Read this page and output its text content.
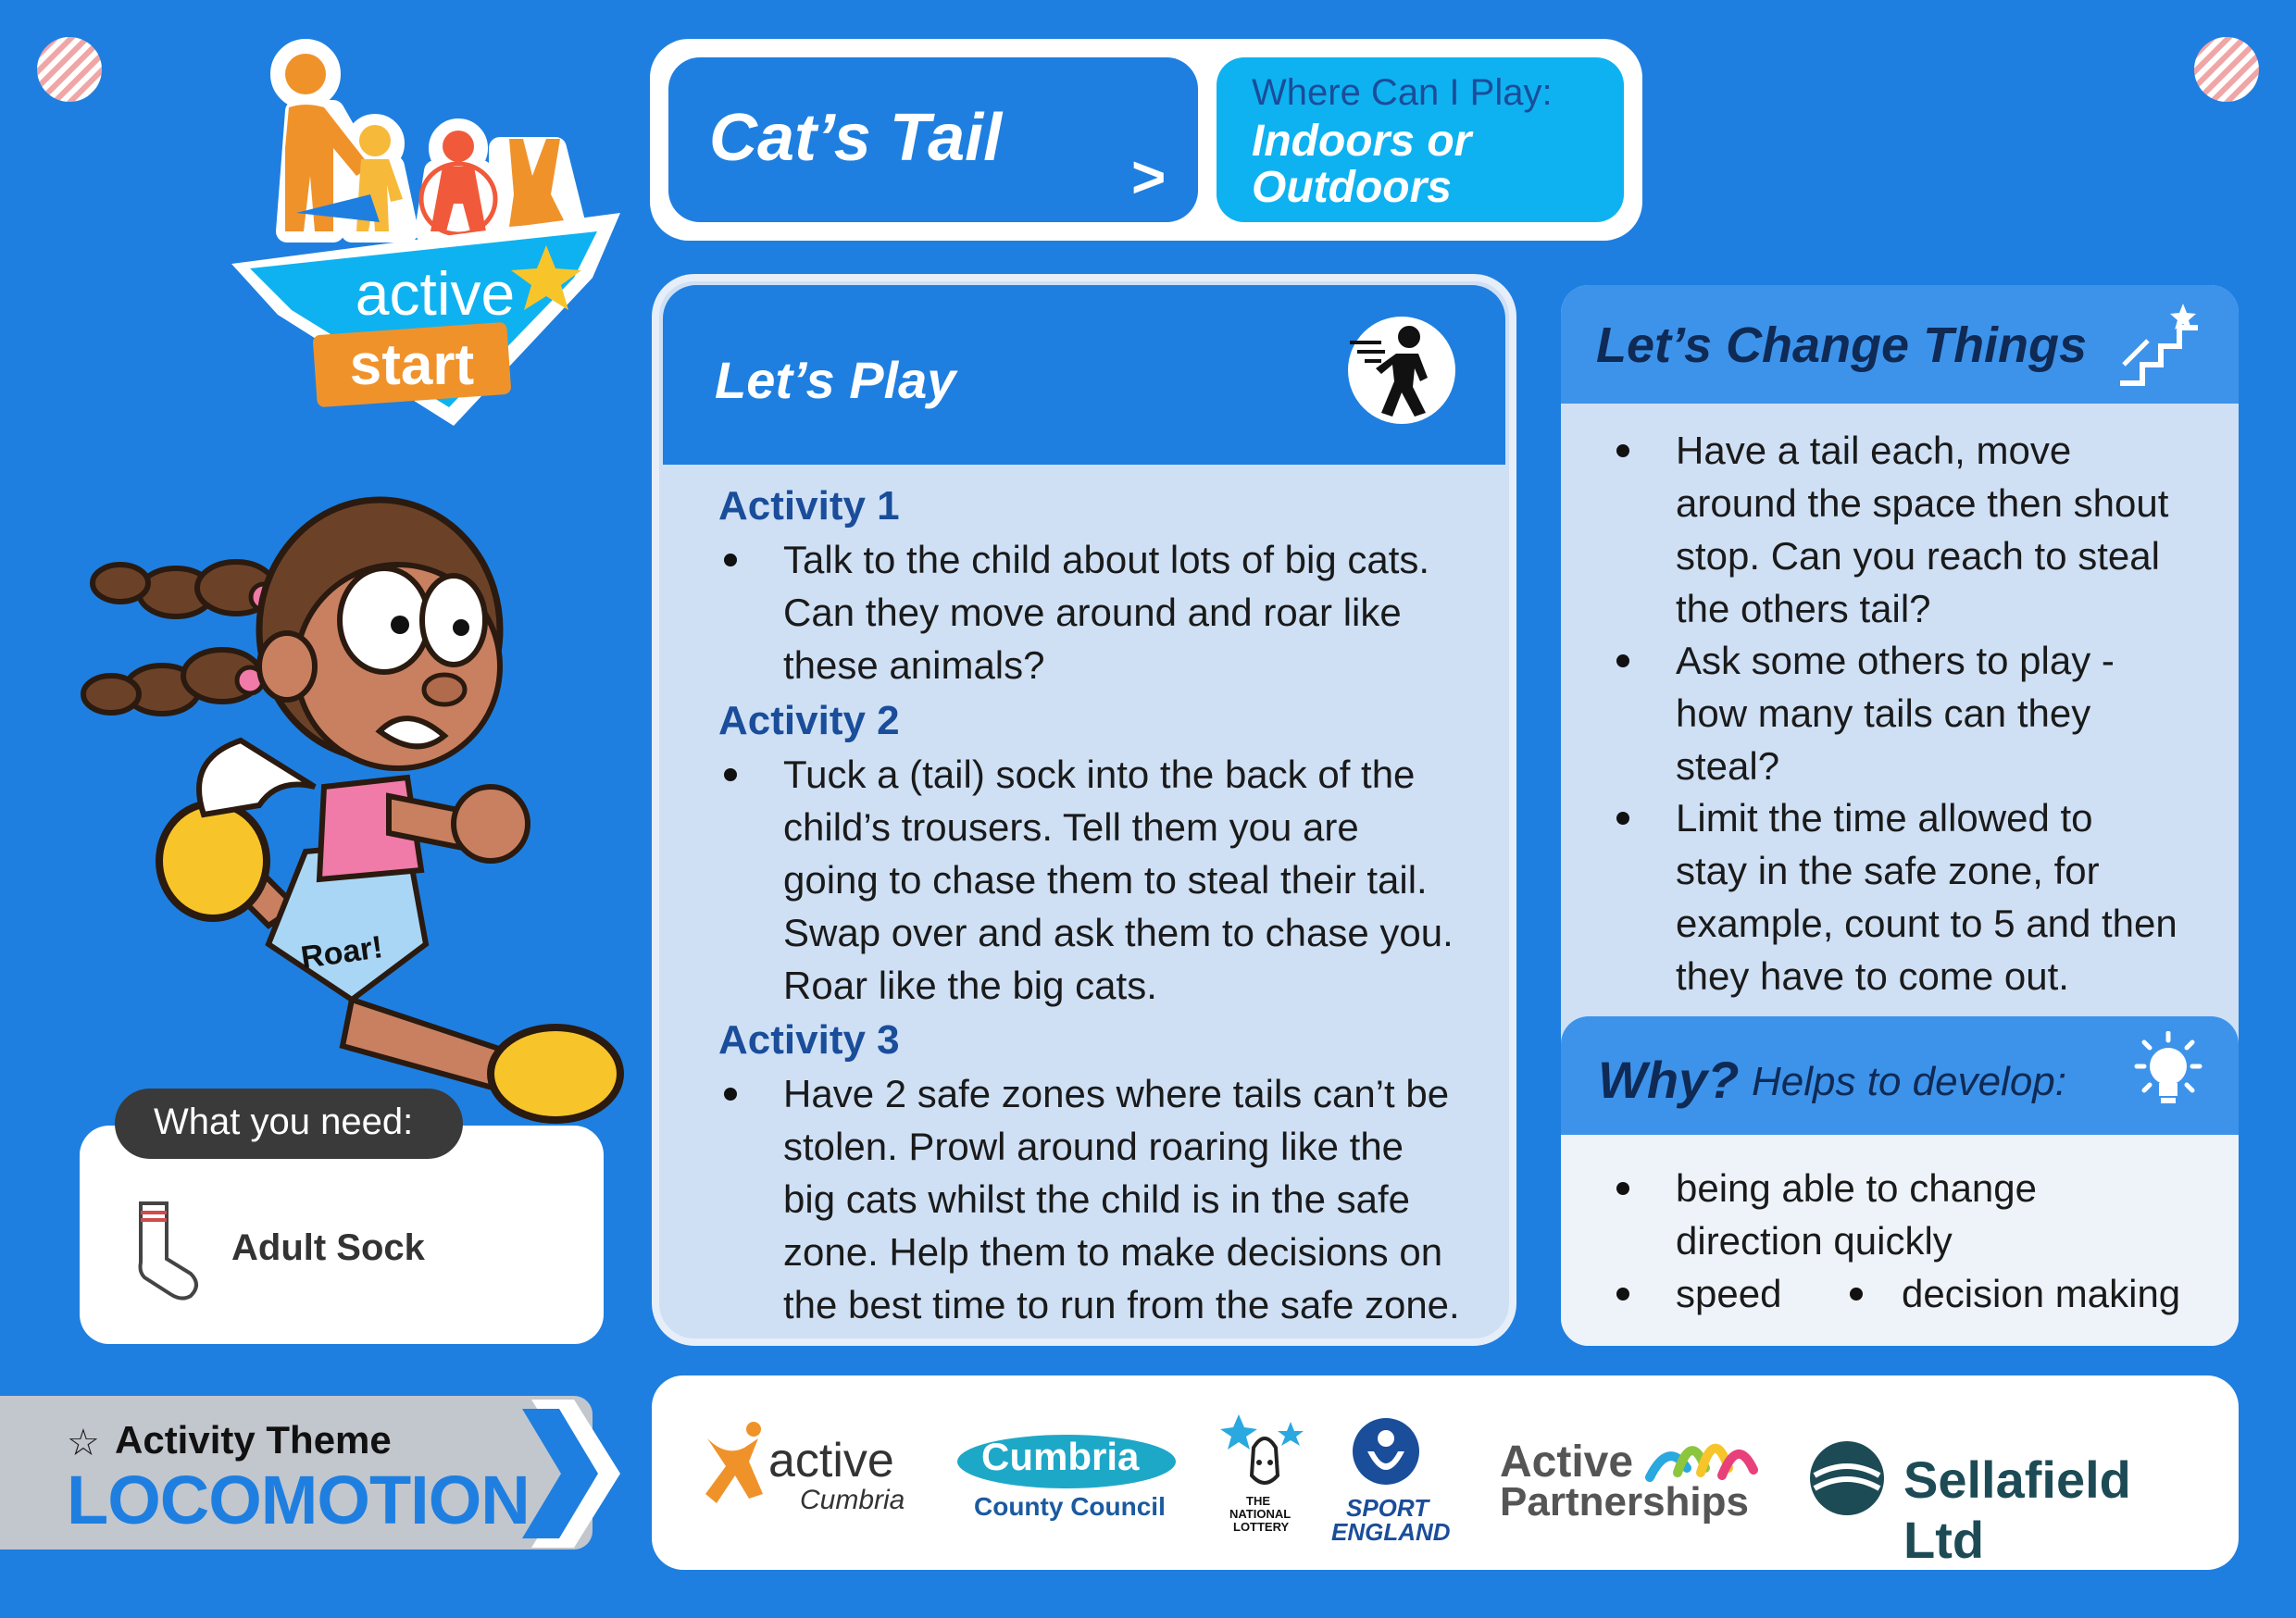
active
start
Cat’s Tail
>
Where Can I Play:
Indoors or Outdoors
Roar!
Let’s Play
Activity 1
Talk to the child about lots of big cats.
Can they move around and roar like
these animals?
Activity 2
Tuck a (tail) sock into the back of the
child’s trousers. Tell them you are
going to chase them to steal their tail.
Swap over and ask them to chase you.
Roar like the big cats.
Activity 3
Have 2 safe zones where tails can’t be
stolen. Prowl around roaring like the
big cats whilst the child is in the safe
zone. Help them to make decisions on
the best time to run from the safe zone.
Let’s Change Things
Have a tail each, move
around the space then shout
stop. Can you reach to steal
the others tail?
Ask some others to play -
how many tails can they
steal?
Limit the time allowed to
stay in the safe zone, for
example, count to 5 and then
they have to come out.
Why? Helps to develop:
being able to change
direction quickly
speed	decision making
What you need:
Adult Sock
☆ Activity Theme
LOCOMOTION
active
Cumbria
Cumbria
County Council	THE
NATIONAL
LOTTERY
SPORT
ENGLAND
Active
Partnerships	Sellafield Ltd
